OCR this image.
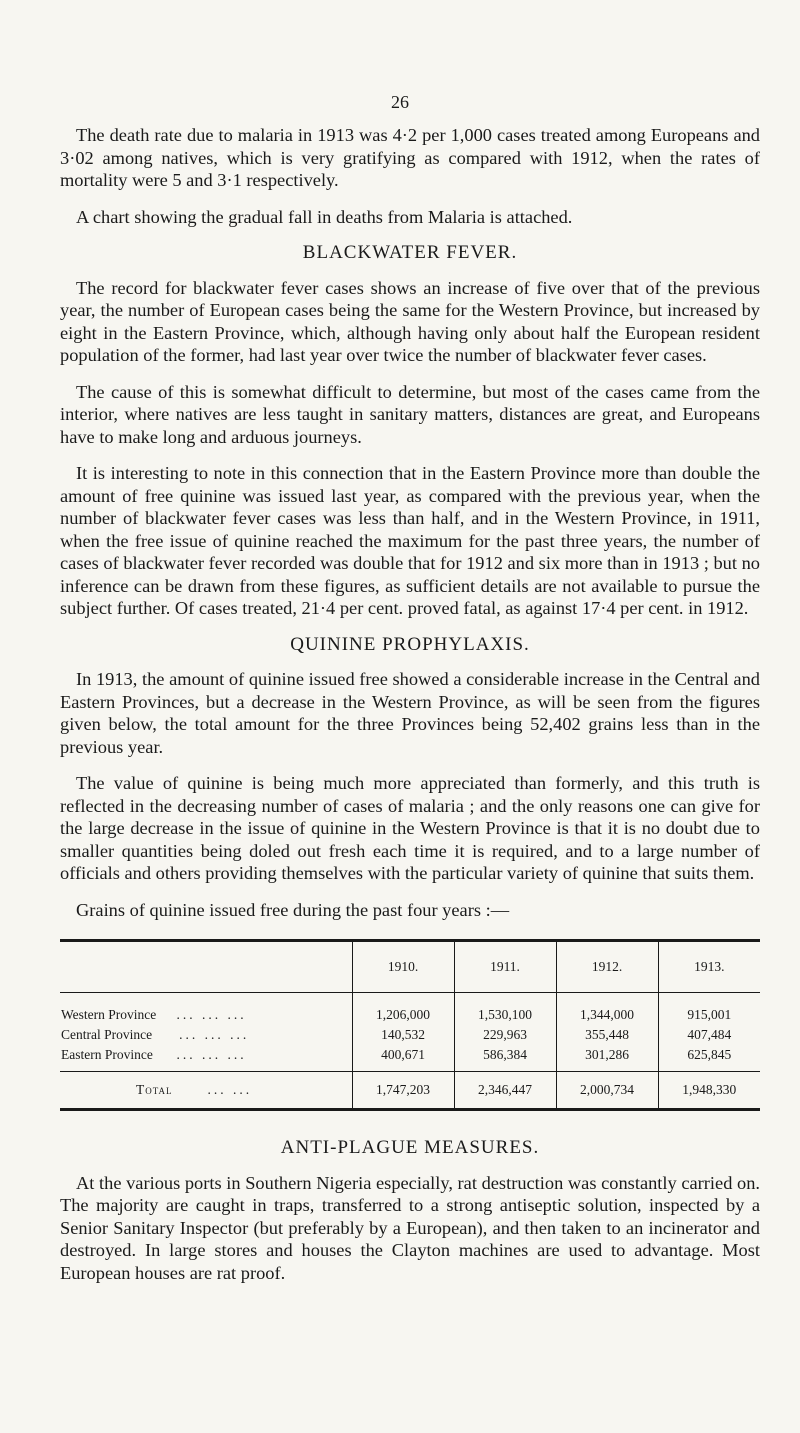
26

The death rate due to malaria in 1913 was 4·2 per 1,000 cases treated among Europeans and 3·02 among natives, which is very gratifying as compared with 1912, when the rates of mortality were 5 and 3·1 respectively.

A chart showing the gradual fall in deaths from Malaria is attached.

BLACKWATER FEVER.

The record for blackwater fever cases shows an increase of five over that of the previous year, the number of European cases being the same for the Western Province, but increased by eight in the Eastern Province, which, although having only about half the European resident population of the former, had last year over twice the number of blackwater fever cases.

The cause of this is somewhat difficult to determine, but most of the cases came from the interior, where natives are less taught in sanitary matters, distances are great, and Europeans have to make long and arduous journeys.

It is interesting to note in this connection that in the Eastern Province more than double the amount of free quinine was issued last year, as compared with the previous year, when the number of blackwater fever cases was less than half, and in the Western Province, in 1911, when the free issue of quinine reached the maximum for the past three years, the number of cases of blackwater fever recorded was double that for 1912 and six more than in 1913 ; but no inference can be drawn from these figures, as sufficient details are not available to pursue the subject further. Of cases treated, 21·4 per cent. proved fatal, as against 17·4 per cent. in 1912.

QUININE PROPHYLAXIS.

In 1913, the amount of quinine issued free showed a considerable increase in the Central and Eastern Provinces, but a decrease in the Western Province, as will be seen from the figures given below, the total amount for the three Provinces being 52,402 grains less than in the previous year.

The value of quinine is being much more appreciated than formerly, and this truth is reflected in the decreasing number of cases of malaria ; and the only reasons one can give for the large decrease in the issue of quinine in the Western Province is that it is no doubt due to smaller quantities being doled out fresh each time it is required, and to a large number of officials and others providing themselves with the particular variety of quinine that suits them.

Grains of quinine issued free during the past four years :—

	1910.	1911.	1912.	1913.
Western Province ... ... ...	1,206,000	1,530,100	1,344,000	915,001
Central Province ... ... ...	140,532	229,963	355,448	407,484
Eastern Province ... ... ...	400,671	586,384	301,286	625,845
Total ... ...	1,747,203	2,346,447	2,000,734	1,948,330
ANTI-PLAGUE MEASURES.

At the various ports in Southern Nigeria especially, rat destruction was constantly carried on. The majority are caught in traps, transferred to a strong antiseptic solution, inspected by a Senior Sanitary Inspector (but preferably by a European), and then taken to an incinerator and destroyed. In large stores and houses the Clayton machines are used to advantage. Most European houses are rat proof.
